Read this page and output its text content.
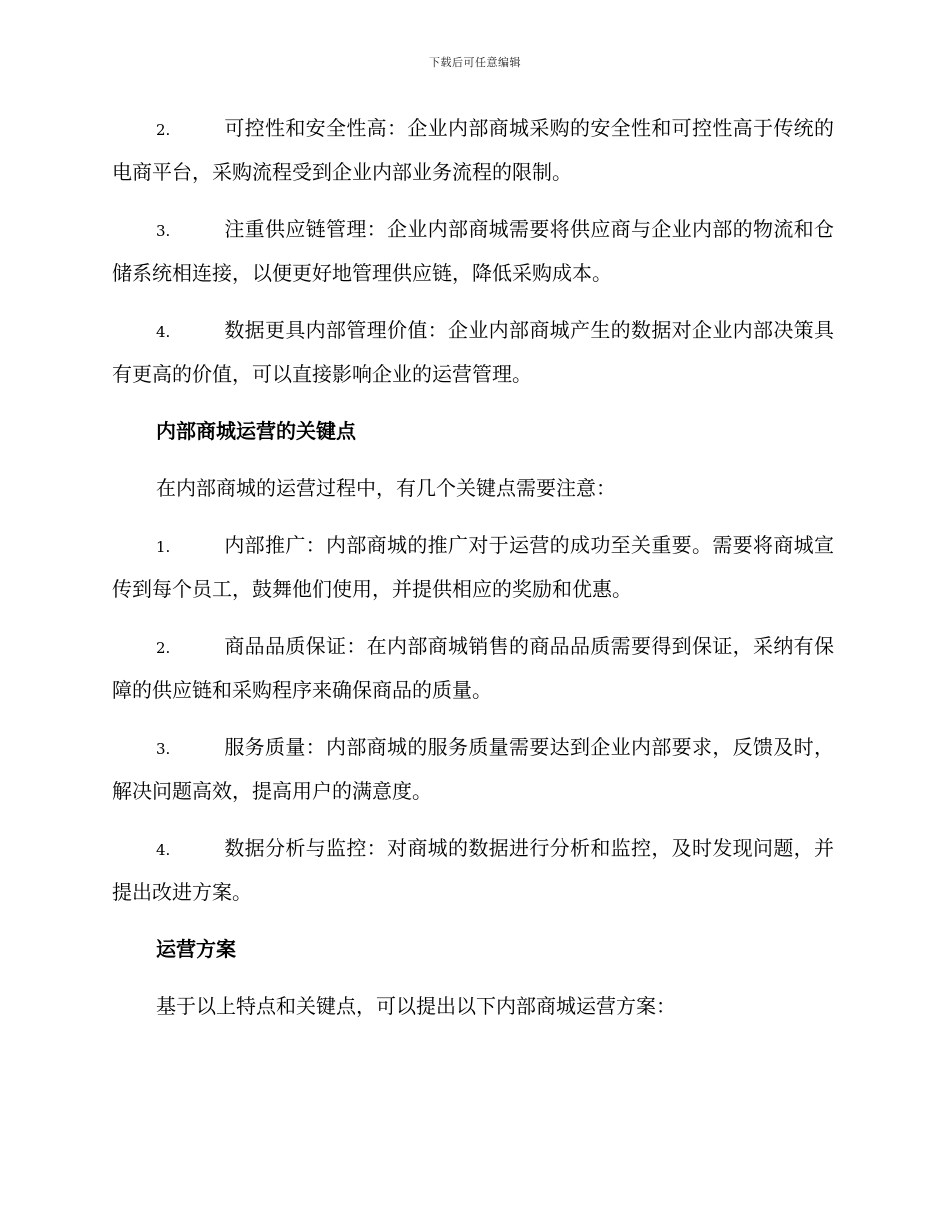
下载后可任意编辑

2.	可控性和安全性高：企业内部商城采购的安全性和可控性高于传统的电商平台，采购流程受到企业内部业务流程的限制。

3.	注重供应链管理：企业内部商城需要将供应商与企业内部的物流和仓储系统相连接，以便更好地管理供应链，降低采购成本。

4.	数据更具内部管理价值：企业内部商城产生的数据对企业内部决策具有更高的价值，可以直接影响企业的运营管理。

内部商城运营的关键点

在内部商城的运营过程中，有几个关键点需要注意：

1.	内部推广：内部商城的推广对于运营的成功至关重要。需要将商城宣传到每个员工，鼓舞他们使用，并提供相应的奖励和优惠。

2.	商品品质保证：在内部商城销售的商品品质需要得到保证，采纳有保障的供应链和采购程序来确保商品的质量。

3.	服务质量：内部商城的服务质量需要达到企业内部要求，反馈及时，解决问题高效，提高用户的满意度。

4.	数据分析与监控：对商城的数据进行分析和监控，及时发现问题，并提出改进方案。

运营方案

基于以上特点和关键点，可以提出以下内部商城运营方案：
